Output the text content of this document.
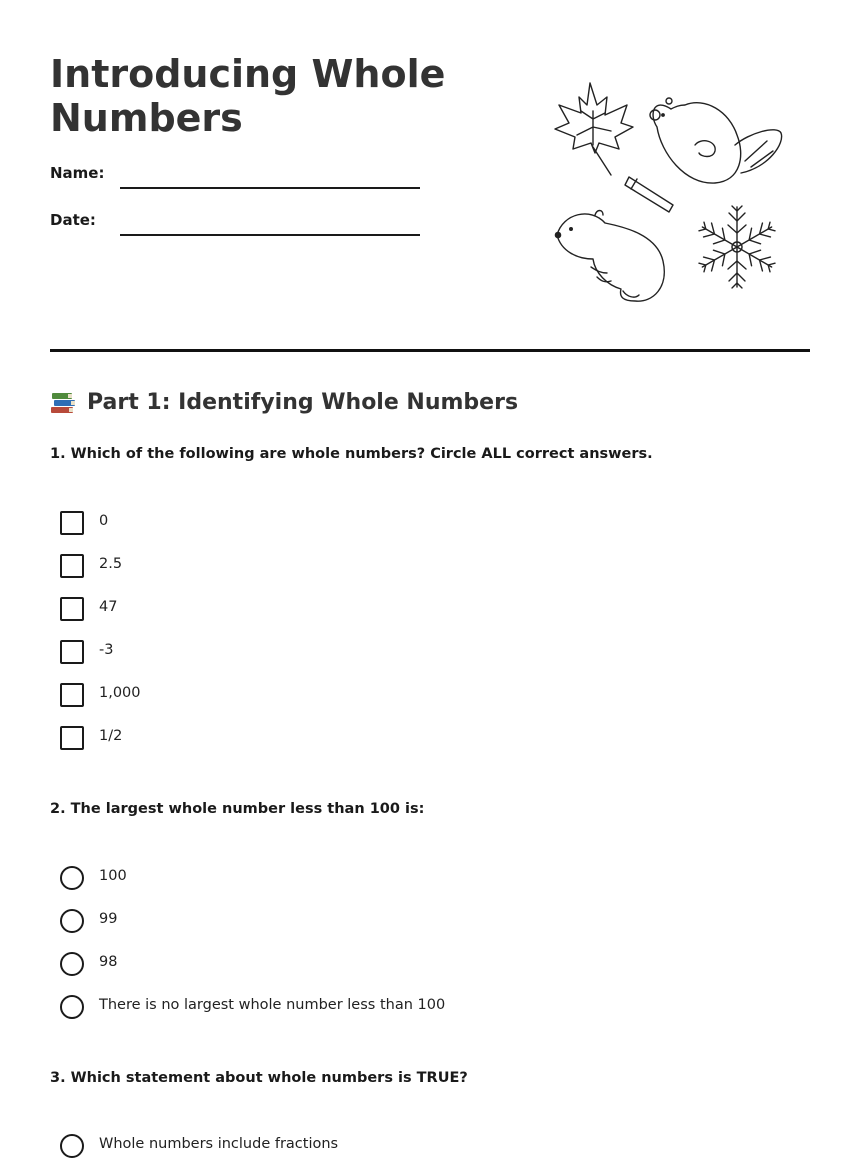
Introducing Whole Numbers
Name:
Date:
Part 1: Identifying Whole Numbers

1. Which of the following are whole numbers? Circle ALL correct answers.

0
2.5
47
-3
1,000
1/2

2. The largest whole number less than 100 is:

100
99
98
There is no largest whole number less than 100

3. Which statement about whole numbers is TRUE?

Whole numbers include fractions
